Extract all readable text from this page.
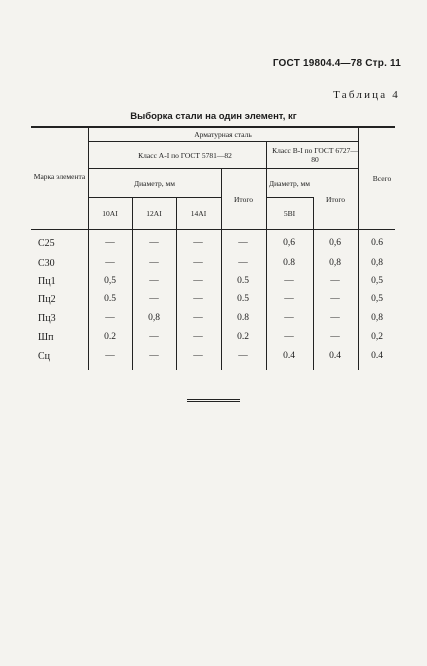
ГОСТ 19804.4—78 Стр. 11
Таблица 4
Выборка стали на один элемент, кг
Марка элемента
Арматурная сталь
Класс А-I по ГОСТ 5781—82	Класс В-I по ГОСТ 6727—80
Диаметр, мм	Диаметр, мм
Итого	Итого
Всего
10AI	12AI	14AI	5BI
С25	—	—	—	—	0,6	0,6	0.6
С30	—	—	—	—	0.8	0,8	0,8
Пц1	0,5	—	—	0.5	—	—	0,5
Пц2	0.5	—	—	0.5	—	—	0,5
Пц3	—	0,8	—	0.8	—	—	0,8
Шп	0.2	—	—	0.2	—	—	0,2
Сц	—	—	—	—	0.4	0.4	0.4
